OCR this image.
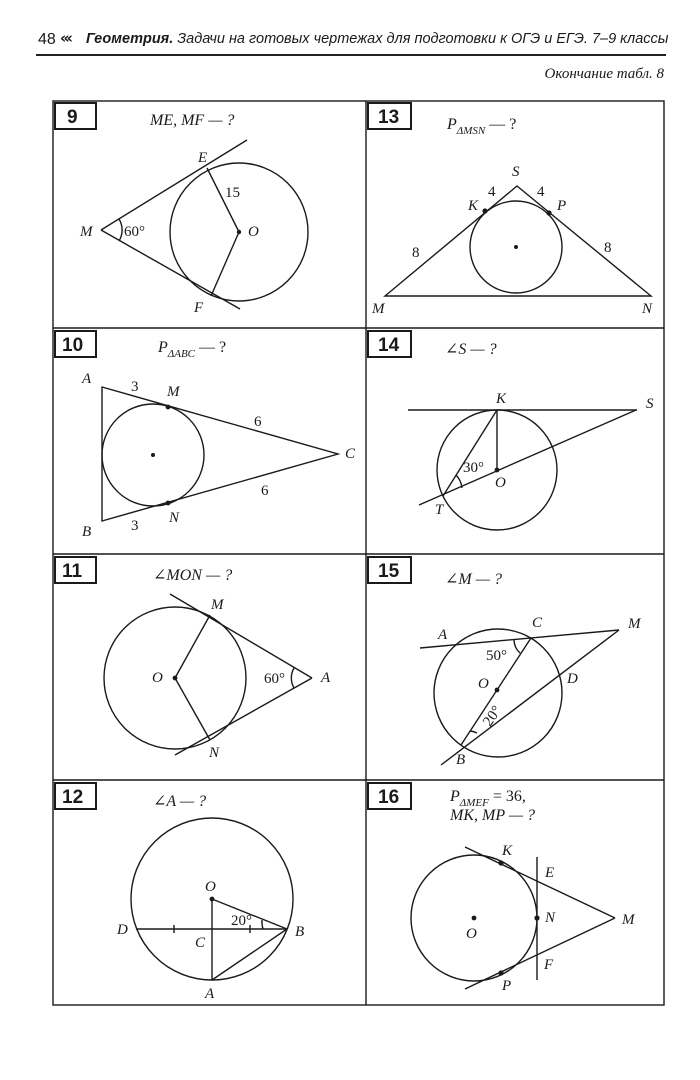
48 «‹ Геометрия. Задачи на готовых чертежах для подготовки к ОГЭ и ЕГЭ. 7–9 классы
Окончание табл. 8
9	ME, MF — ?
M
E
F
O
15
60°
13	$P_{\Delta MSN}$ — ?
S
K	P
M	N
4	4
8	8
10	$P_{\Delta ABC}$ — ?
A
M
C
B
N
3
6
6
3
14	∠S — ?
K	S
O
T
30°
11	∠MON — ?
M
O	A
N
60°
15	∠M — ?
A
C	M
O	D
B
50°
20°
12	∠A — ?
O
D
C
B
A
20°
16	$P_{\Delta MEF} = 36$,
MK, MP — ?
K
E
O
N	M
F
P
